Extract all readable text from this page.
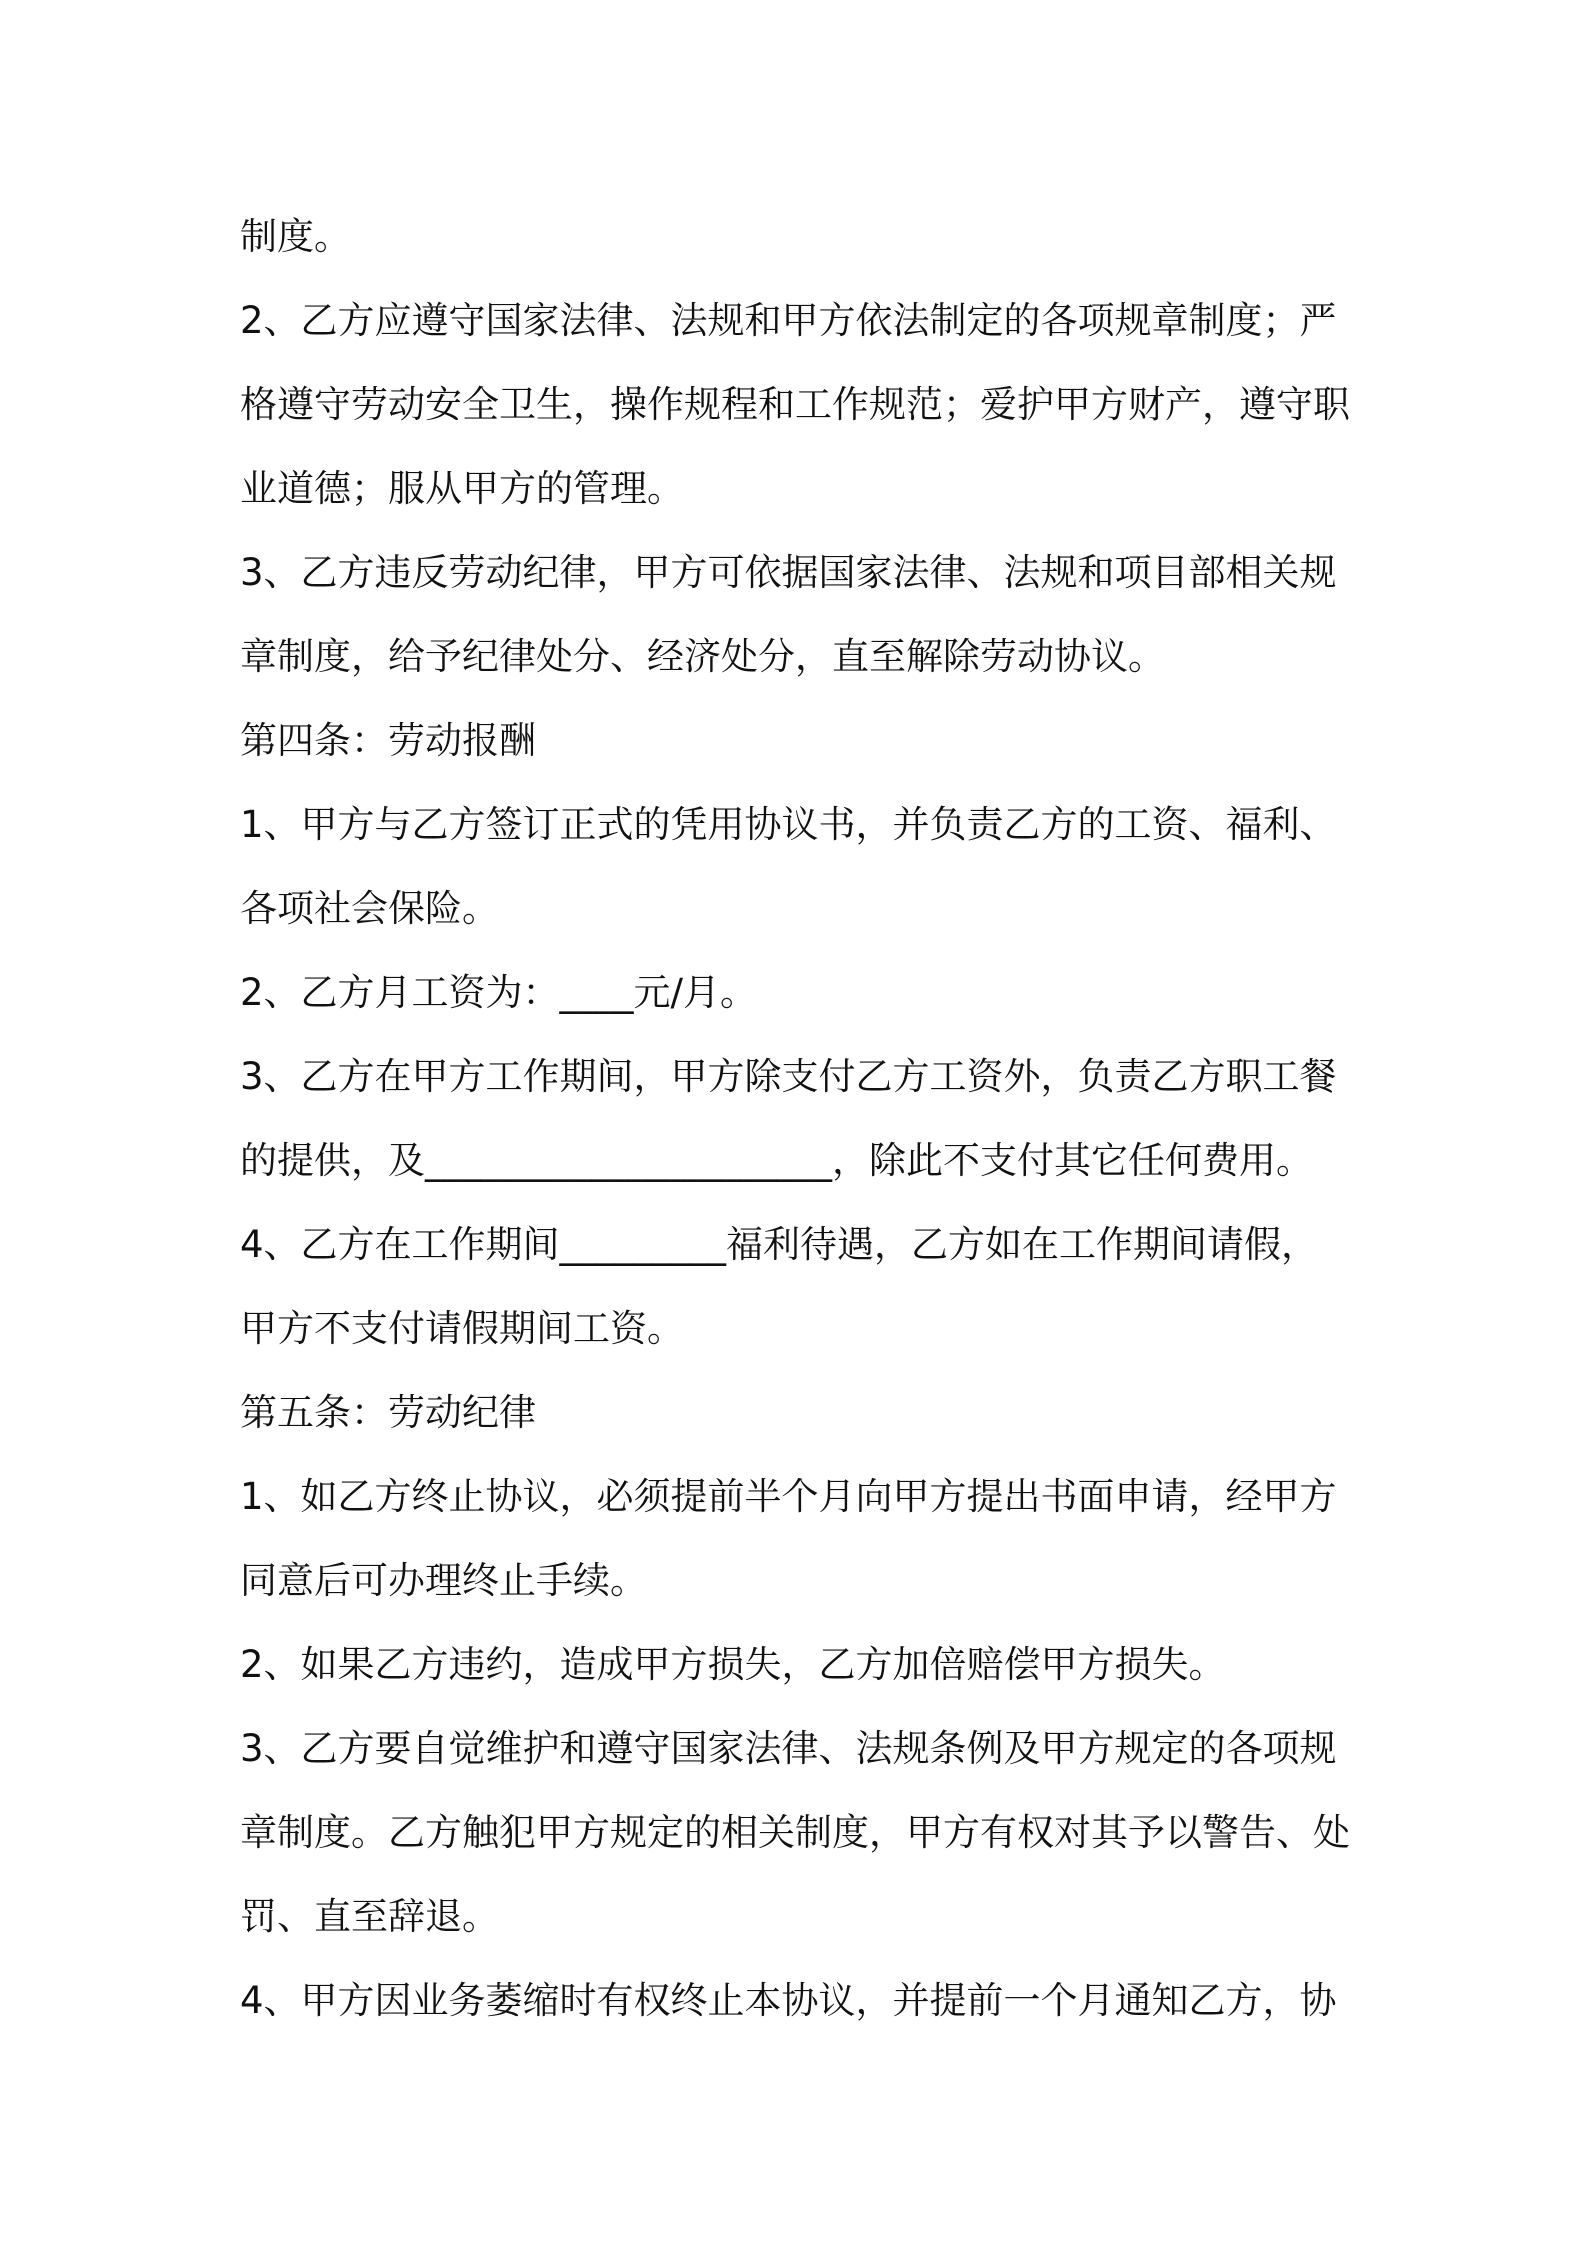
制度。
2、乙方应遵守国家法律、法规和甲方依法制定的各项规章制度；严
格遵守劳动安全卫生，操作规程和工作规范；爱护甲方财产，遵守职
业道德；服从甲方的管理。
3、乙方违反劳动纪律，甲方可依据国家法律、法规和项目部相关规
章制度，给予纪律处分、经济处分，直至解除劳动协议。
第四条：劳动报酬
1、甲方与乙方签订正式的凭用协议书，并负责乙方的工资、福利、
各项社会保险。
2、乙方月工资为：____元/月。
3、乙方在甲方工作期间，甲方除支付乙方工资外，负责乙方职工餐
的提供，及______________________，除此不支付其它任何费用。
4、乙方在工作期间_________福利待遇，乙方如在工作期间请假，
甲方不支付请假期间工资。
第五条：劳动纪律
1、如乙方终止协议，必须提前半个月向甲方提出书面申请，经甲方
同意后可办理终止手续。
2、如果乙方违约，造成甲方损失，乙方加倍赔偿甲方损失。
3、乙方要自觉维护和遵守国家法律、法规条例及甲方规定的各项规
章制度。乙方触犯甲方规定的相关制度，甲方有权对其予以警告、处
罚、直至辞退。
4、甲方因业务萎缩时有权终止本协议，并提前一个月通知乙方，协
